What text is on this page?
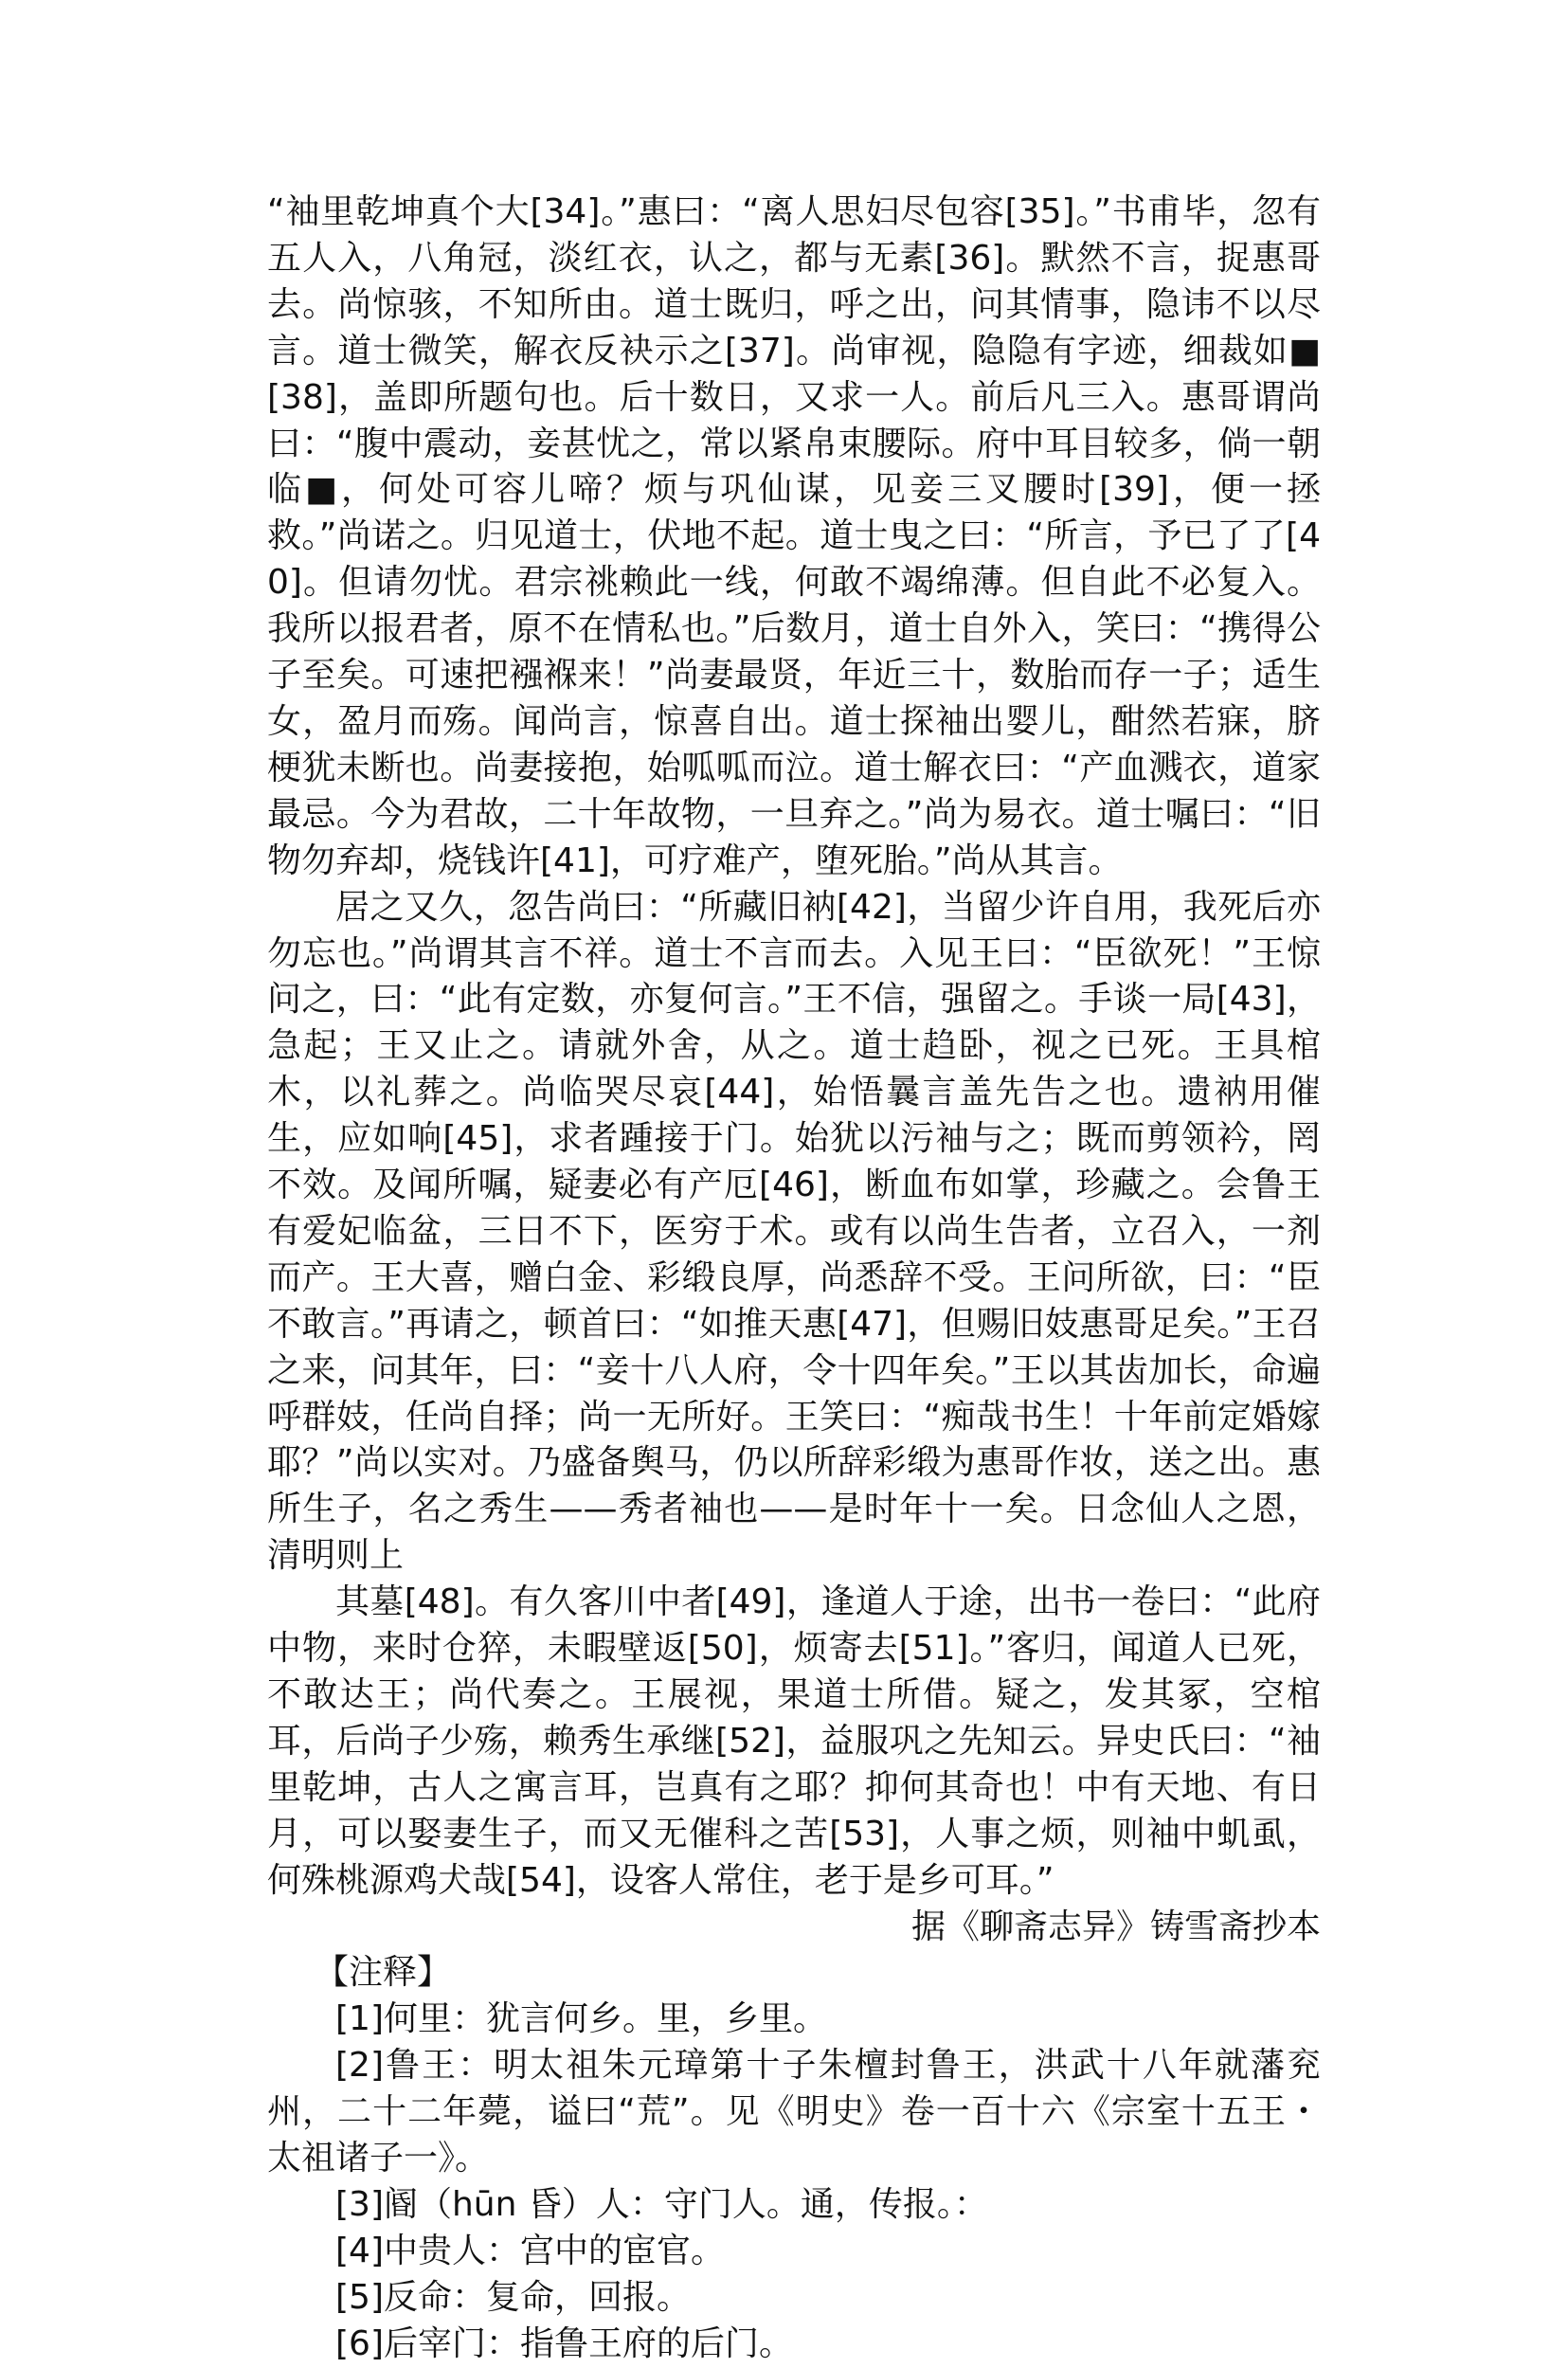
“袖里乾坤真个大[34]。”惠曰：“离人思妇尽包容[35]。”书甫毕，忽有五人入，八角冠，淡红衣，认之，都与无素[36]。默然不言，捉惠哥去。尚惊骇，不知所由。道士既归，呼之出，问其情事，隐讳不以尽言。道士微笑，解衣反袂示之[37]。尚审视，隐隐有字迹，细裁如■[38]，盖即所题句也。后十数日，又求一人。前后凡三入。惠哥谓尚曰：“腹中震动，妾甚忧之，常以紧帛束腰际。府中耳目较多，倘一朝临■，何处可容儿啼？烦与巩仙谋，见妾三叉腰时[39]，便一拯救。”尚诺之。归见道士，伏地不起。道士曳之曰：“所言，予已了了[40]。但请勿忧。君宗祧赖此一线，何敢不竭绵薄。但自此不必复入。我所以报君者，原不在情私也。”后数月，道士自外入，笑曰：“携得公子至矣。可速把襁褓来！”尚妻最贤，年近三十，数胎而存一子；适生女，盈月而殇。闻尚言，惊喜自出。道士探袖出婴儿，酣然若寐，脐梗犹未断也。尚妻接抱，始呱呱而泣。道士解衣曰：“产血溅衣，道家最忌。今为君故，二十年故物，一旦弃之。”尚为易衣。道士嘱曰：“旧物勿弃却，烧钱许[41]，可疗难产，堕死胎。”尚从其言。

居之又久，忽告尚曰：“所藏旧衲[42]，当留少许自用，我死后亦勿忘也。”尚谓其言不祥。道士不言而去。入见王曰：“臣欲死！”王惊问之，曰：“此有定数，亦复何言。”王不信，强留之。手谈一局[43]，急起；王又止之。请就外舍，从之。道士趋卧，视之已死。王具棺木，以礼葬之。尚临哭尽哀[44]，始悟曩言盖先告之也。遗衲用催生，应如响[45]，求者踵接于门。始犹以污袖与之；既而剪领衿，罔不效。及闻所嘱，疑妻必有产厄[46]，断血布如掌，珍藏之。会鲁王有爱妃临盆，三日不下，医穷于术。或有以尚生告者，立召入，一剂而产。王大喜，赠白金、彩缎良厚，尚悉辞不受。王问所欲，曰：“臣不敢言。”再请之，顿首曰：“如推天惠[47]，但赐旧妓惠哥足矣。”王召之来，问其年，曰：“妾十八人府，令十四年矣。”王以其齿加长，命遍呼群妓，任尚自择；尚一无所好。王笑曰：“痴哉书生！十年前定婚嫁耶？”尚以实对。乃盛备舆马，仍以所辞彩缎为惠哥作妆，送之出。惠所生子，名之秀生——秀者袖也——是时年十一矣。日念仙人之恩，清明则上

其墓[48]。有久客川中者[49]，逢道人于途，出书一卷曰：“此府中物，来时仓猝，未暇壁返[50]，烦寄去[51]。”客归，闻道人已死，不敢达王；尚代奏之。王展视，果道士所借。疑之，发其冢，空棺耳，后尚子少殇，赖秀生承继[52]，益服巩之先知云。异史氏曰：“袖里乾坤，古人之寓言耳，岂真有之耶？抑何其奇也！中有天地、有日月，可以娶妻生子，而又无催科之苦[53]，人事之烦，则袖中虮虱，何殊桃源鸡犬哉[54]，设客人常住，老于是乡可耳。”

据《聊斋志异》铸雪斋抄本

【注释】

[1]何里：犹言何乡。里，乡里。

[2]鲁王：明太祖朱元璋第十子朱檀封鲁王，洪武十八年就藩兖州，二十二年薨，谥曰“荒”。见《明史》卷一百十六《宗室十五王・太祖诸子一》。

[3]阍（hūn 昏）人：守门人。通，传报。：

[4]中贵人：宫中的宦官。

[5]反命：复命，回报。

[6]后宰门：指鲁王府的后门。
